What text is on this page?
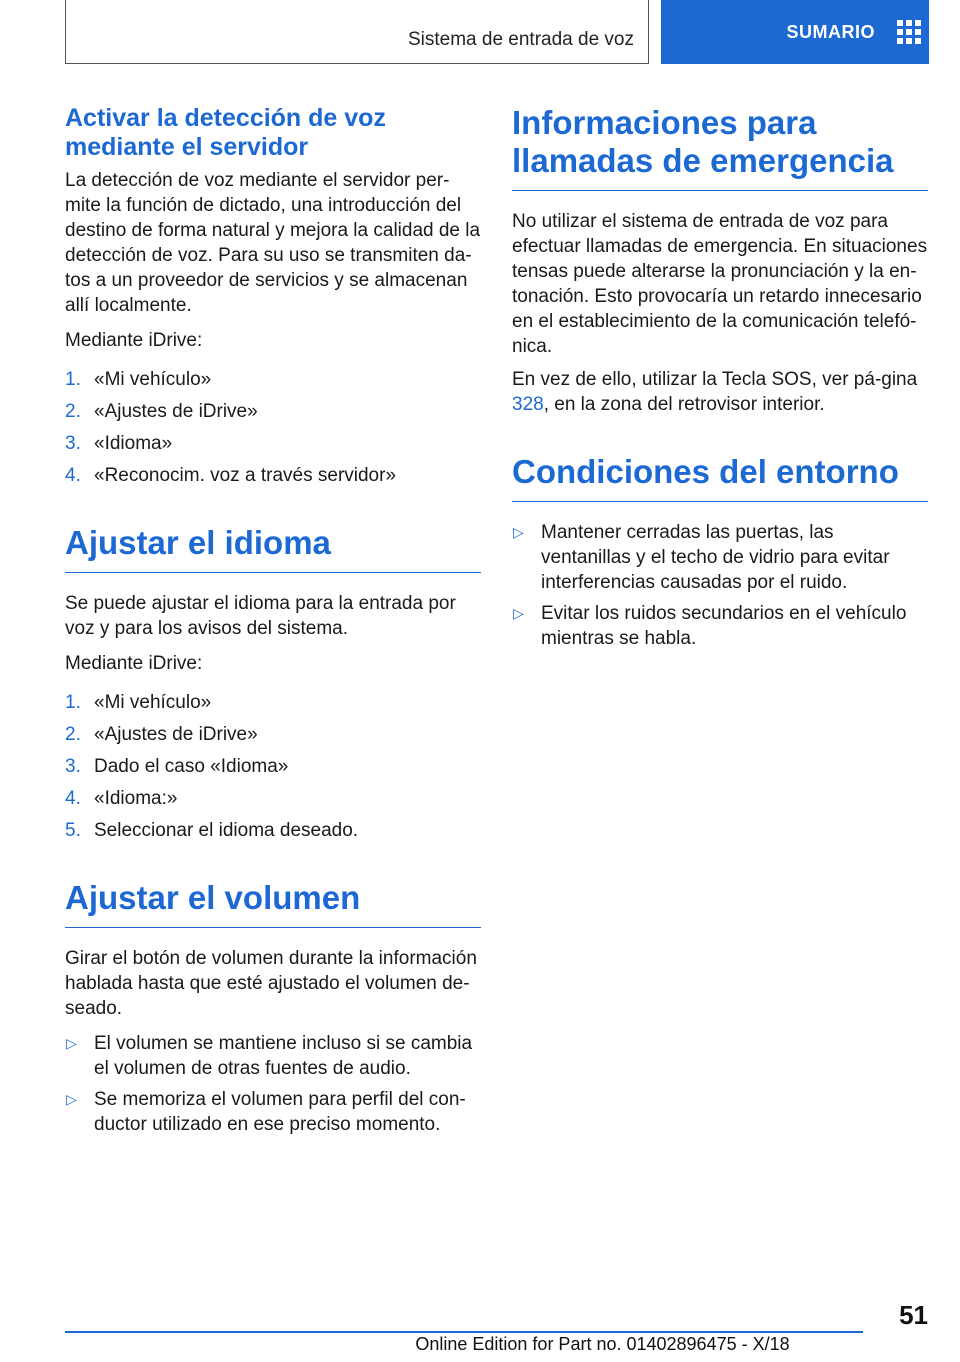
Sistema de entrada de voz	SUMARIO
Activar la detección de voz mediante el servidor

La detección de voz mediante el servidor per-mite la función de dictado, una introducción del destino de forma natural y mejora la calidad de la detección de voz. Para su uso se transmiten da-tos a un proveedor de servicios y se almacenan allí localmente.

Mediante iDrive:

1. «Mi vehículo»
2. «Ajustes de iDrive»
3. «Idioma»
4. «Reconocim. voz a través servidor»
Ajustar el idioma

Se puede ajustar el idioma para la entrada por voz y para los avisos del sistema.

Mediante iDrive:

1. «Mi vehículo»
2. «Ajustes de iDrive»
3. Dado el caso «Idioma»
4. «Idioma:»
5. Seleccionar el idioma deseado.
Ajustar el volumen

Girar el botón de volumen durante la información hablada hasta que esté ajustado el volumen de-seado.

▷ El volumen se mantiene incluso si se cambia el volumen de otras fuentes de audio.
▷ Se memoriza el volumen para perfil del con-ductor utilizado en ese preciso momento.
Informaciones para llamadas de emergencia

No utilizar el sistema de entrada de voz para efectuar llamadas de emergencia. En situaciones tensas puede alterarse la pronunciación y la en-tonación. Esto provocaría un retardo innecesario en el establecimiento de la comunicación telefó-nica.

En vez de ello, utilizar la Tecla SOS, ver pá-gina 328, en la zona del retrovisor interior.

Condiciones del entorno
▷ Mantener cerradas las puertas, las ventanillas y el techo de vidrio para evitar interferencias causadas por el ruido.
▷ Evitar los ruidos secundarios en el vehículo mientras se habla.
51
Online Edition for Part no. 01402896475 - X/18
